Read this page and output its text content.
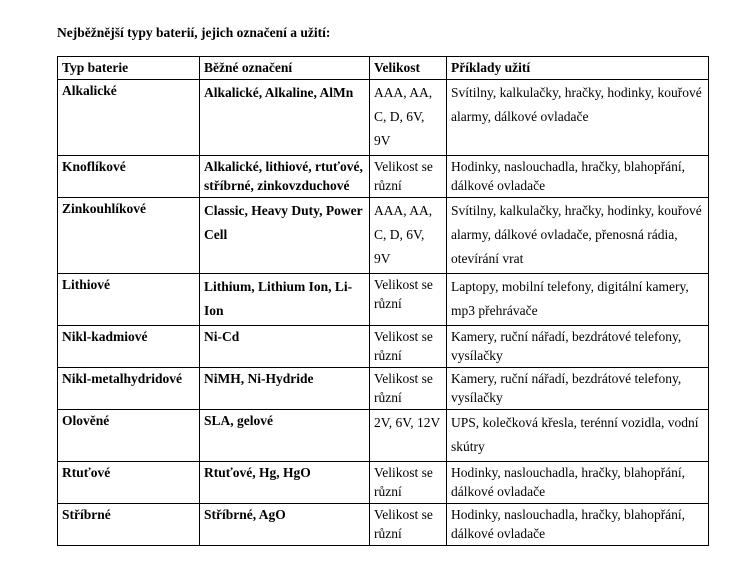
Nejběžnější typy baterií, jejich označení a užití:
Typ baterie	Běžné označení	Velikost	Příklady užití
Alkalické	Alkalické, Alkaline, AlMn	AAA, AA, C, D, 6V, 9V	Svítilny, kalkulačky, hračky, hodinky, kouřové alarmy, dálkové ovladače
Knoflíkové	Alkalické, lithiové, rtuťové, stříbrné, zinkovzduchové	Velikost se různí	Hodinky, naslouchadla, hračky, blahopřání, dálkové ovladače
Zinkouhlíkové	Classic, Heavy Duty, Power Cell	AAA, AA, C, D, 6V, 9V	Svítilny, kalkulačky, hračky, hodinky, kouřové alarmy, dálkové ovladače, přenosná rádia, otevírání vrat
Lithiové	Lithium, Lithium Ion, Li-Ion	Velikost se různí	Laptopy, mobilní telefony, digitální kamery, mp3 přehrávače
Nikl-kadmiové	Ni-Cd	Velikost se různí	Kamery, ruční nářadí, bezdrátové telefony, vysílačky
Nikl-metalhydridové	NiMH, Ni-Hydride	Velikost se různí	Kamery, ruční nářadí, bezdrátové telefony, vysílačky
Olověné	SLA, gelové	2V, 6V, 12V	UPS, kolečková křesla, terénní vozidla, vodní skútry
Rtuťové	Rtuťové, Hg, HgO	Velikost se různí	Hodinky, naslouchadla, hračky, blahopřání, dálkové ovladače
Stříbrné	Stříbrné, AgO	Velikost se různí	Hodinky, naslouchadla, hračky, blahopřání, dálkové ovladače
